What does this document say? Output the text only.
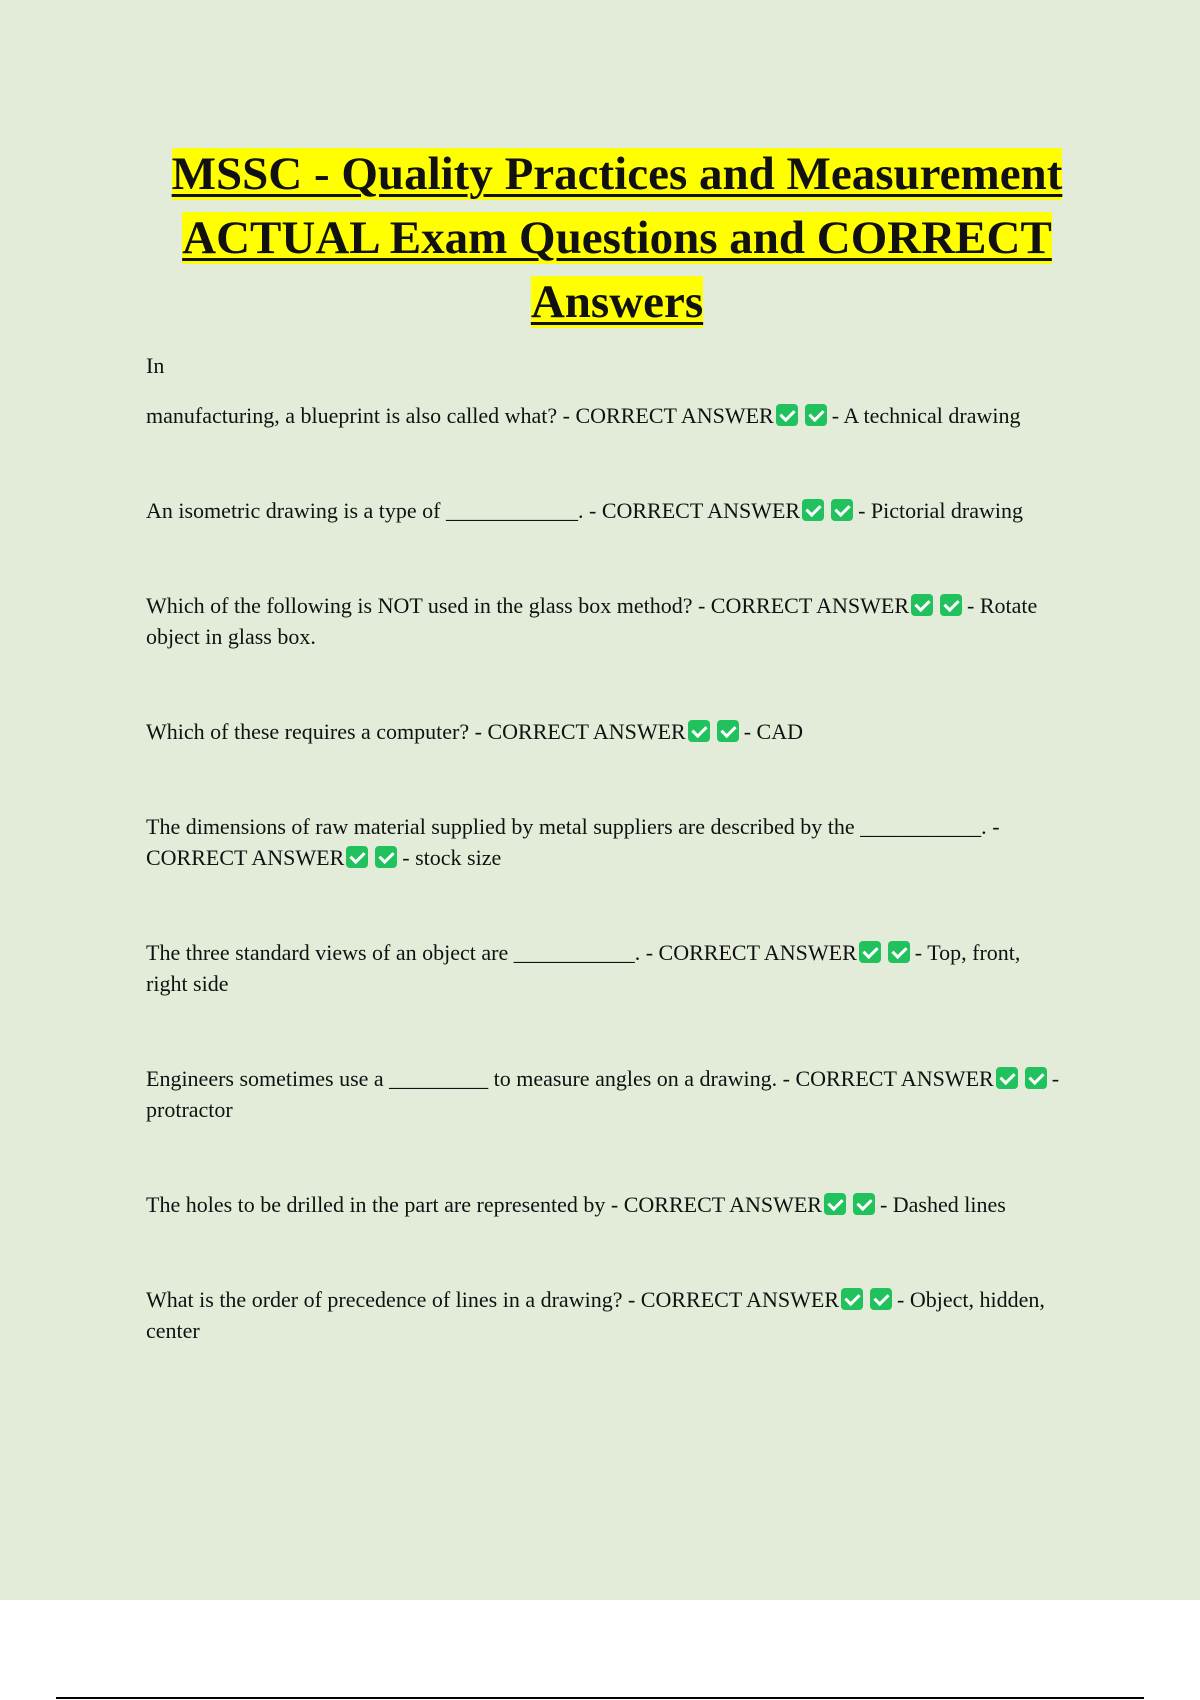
MSSC - Quality Practices and Measurement
ACTUAL Exam Questions and CORRECT
Answers

In

manufacturing, a blueprint is also called what? - CORRECT ANSWER	- A technical drawing

An isometric drawing is a type of ____________. - CORRECT ANSWER	- Pictorial drawing

Which of the following is NOT used in the glass box method? - CORRECT ANSWER	- Rotate object in glass box.

Which of these requires a computer? - CORRECT ANSWER	- CAD

The dimensions of raw material supplied by metal suppliers are described by the ___________. - CORRECT ANSWER	- stock size

The three standard views of an object are ___________. - CORRECT ANSWER	- Top, front, right side

Engineers sometimes use a _________ to measure angles on a drawing. - CORRECT ANSWER	- protractor

The holes to be drilled in the part are represented by - CORRECT ANSWER	- Dashed lines

What is the order of precedence of lines in a drawing? - CORRECT ANSWER	- Object, hidden, center
